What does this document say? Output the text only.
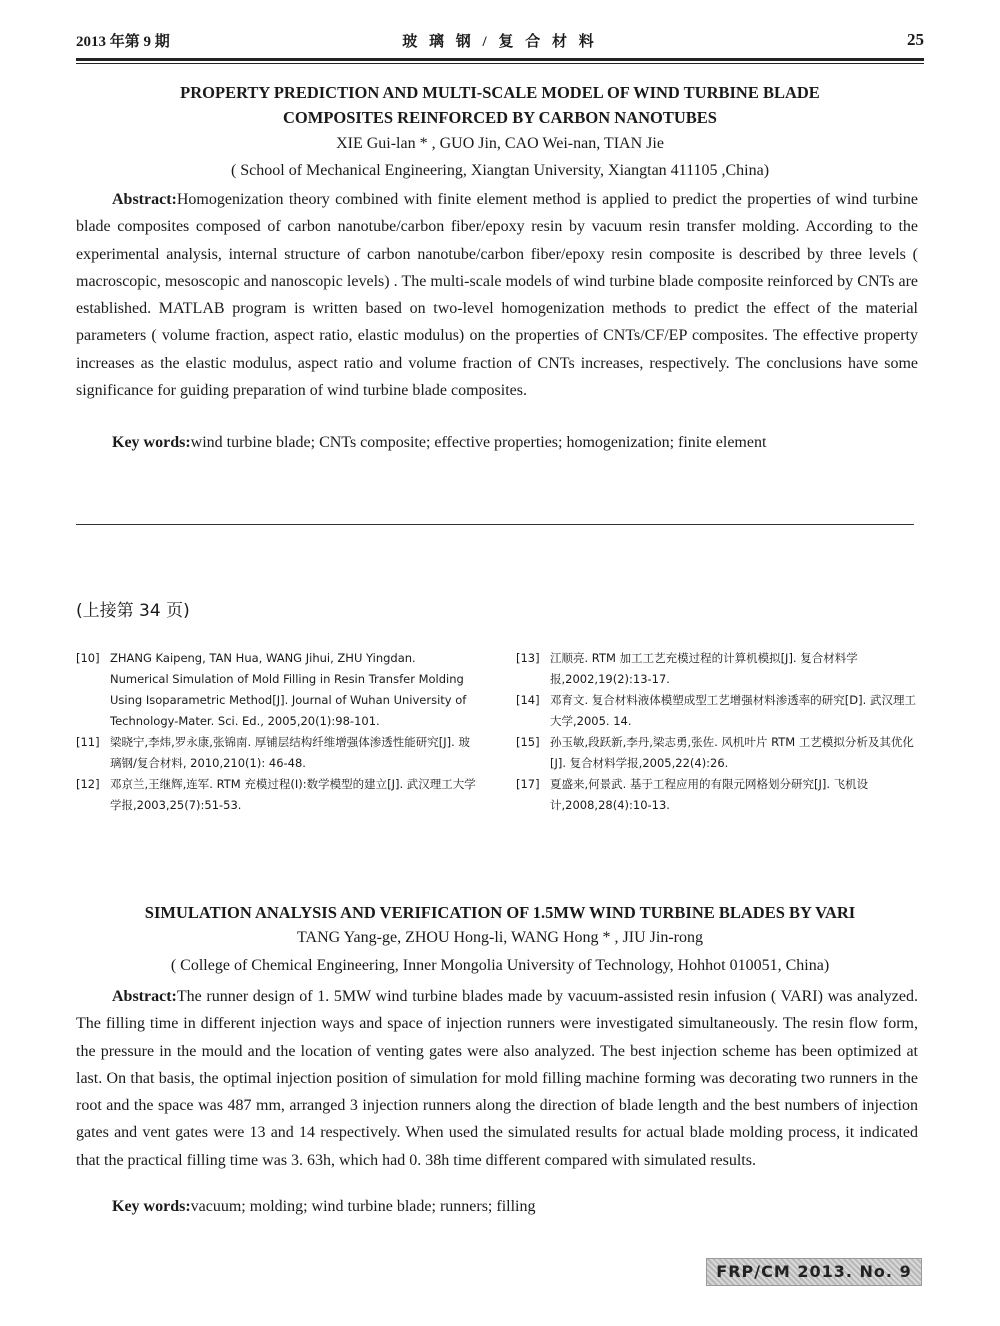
2013 年第 9 期	玻 璃 钢 / 复 合 材 料	25
PROPERTY PREDICTION AND MULTI-SCALE MODEL OF WIND TURBINE BLADE
COMPOSITES REINFORCED BY CARBON NANOTUBES
XIE Gui-lan * , GUO Jin, CAO Wei-nan, TIAN Jie
( School of Mechanical Engineering, Xiangtan University, Xiangtan 411105 ,China)

Abstract:Homogenization theory combined with finite element method is applied to predict the properties of wind turbine blade composites composed of carbon nanotube/carbon fiber/epoxy resin by vacuum resin transfer molding. According to the experimental analysis, internal structure of carbon nanotube/carbon fiber/epoxy resin composite is described by three levels ( macroscopic, mesoscopic and nanoscopic levels) . The multi-scale models of wind turbine blade composite reinforced by CNTs are established. MATLAB program is written based on two-level homogenization methods to predict the effect of the material parameters ( volume fraction, aspect ratio, elastic modulus) on the properties of CNTs/CF/EP composites. The effective property increases as the elastic modulus, aspect ratio and volume fraction of CNTs increases, respectively. The conclusions have some significance for guiding preparation of wind turbine blade composites.

Key words:wind turbine blade; CNTs composite; effective properties; homogenization; finite element

(上接第 34 页)
[10] ZHANG Kaipeng, TAN Hua, WANG Jihui, ZHU Yingdan. Numerical Simulation of Mold Filling in Resin Transfer Molding Using Isoparametric Method[J]. Journal of Wuhan University of Technology-Mater. Sci. Ed., 2005,20(1):98-101.
[11] 梁晓宁,李炜,罗永康,张锦南. 厚铺层结构纤维增强体渗透性能研究[J]. 玻璃钢/复合材料, 2010,210(1): 46-48.
[12] 邓京兰,王继辉,连军. RTM 充模过程(I):数学模型的建立[J]. 武汉理工大学学报,2003,25(7):51-53.
[13] 江顺亮. RTM 加工工艺充模过程的计算机模拟[J]. 复合材料学报,2002,19(2):13-17.
[14] 邓育文. 复合材料液体模塑成型工艺增强材料渗透率的研究[D]. 武汉理工大学,2005. 14.
[15] 孙玉敏,段跃新,李丹,梁志勇,张佐. 风机叶片 RTM 工艺模拟分析及其优化[J]. 复合材料学报,2005,22(4):26.
[17] 夏盛来,何景武. 基于工程应用的有限元网格划分研究[J]. 飞机设计,2008,28(4):10-13.
SIMULATION ANALYSIS AND VERIFICATION OF 1.5MW WIND TURBINE BLADES BY VARI
TANG Yang-ge, ZHOU Hong-li, WANG Hong * , JIU Jin-rong
( College of Chemical Engineering, Inner Mongolia University of Technology, Hohhot 010051, China)

Abstract:The runner design of 1. 5MW wind turbine blades made by vacuum-assisted resin infusion ( VARI) was analyzed. The filling time in different injection ways and space of injection runners were investigated simultaneously. The resin flow form, the pressure in the mould and the location of venting gates were also analyzed. The best injection scheme has been optimized at last. On that basis, the optimal injection position of simulation for mold filling machine forming was decorating two runners in the root and the space was 487 mm, arranged 3 injection runners along the direction of blade length and the best numbers of injection gates and vent gates were 13 and 14 respectively. When used the simulated results for actual blade molding process, it indicated that the practical filling time was 3. 63h, which had 0. 38h time different compared with simulated results.

Key words:vacuum; molding; wind turbine blade; runners; filling

FRP/CM 2013. No. 9
